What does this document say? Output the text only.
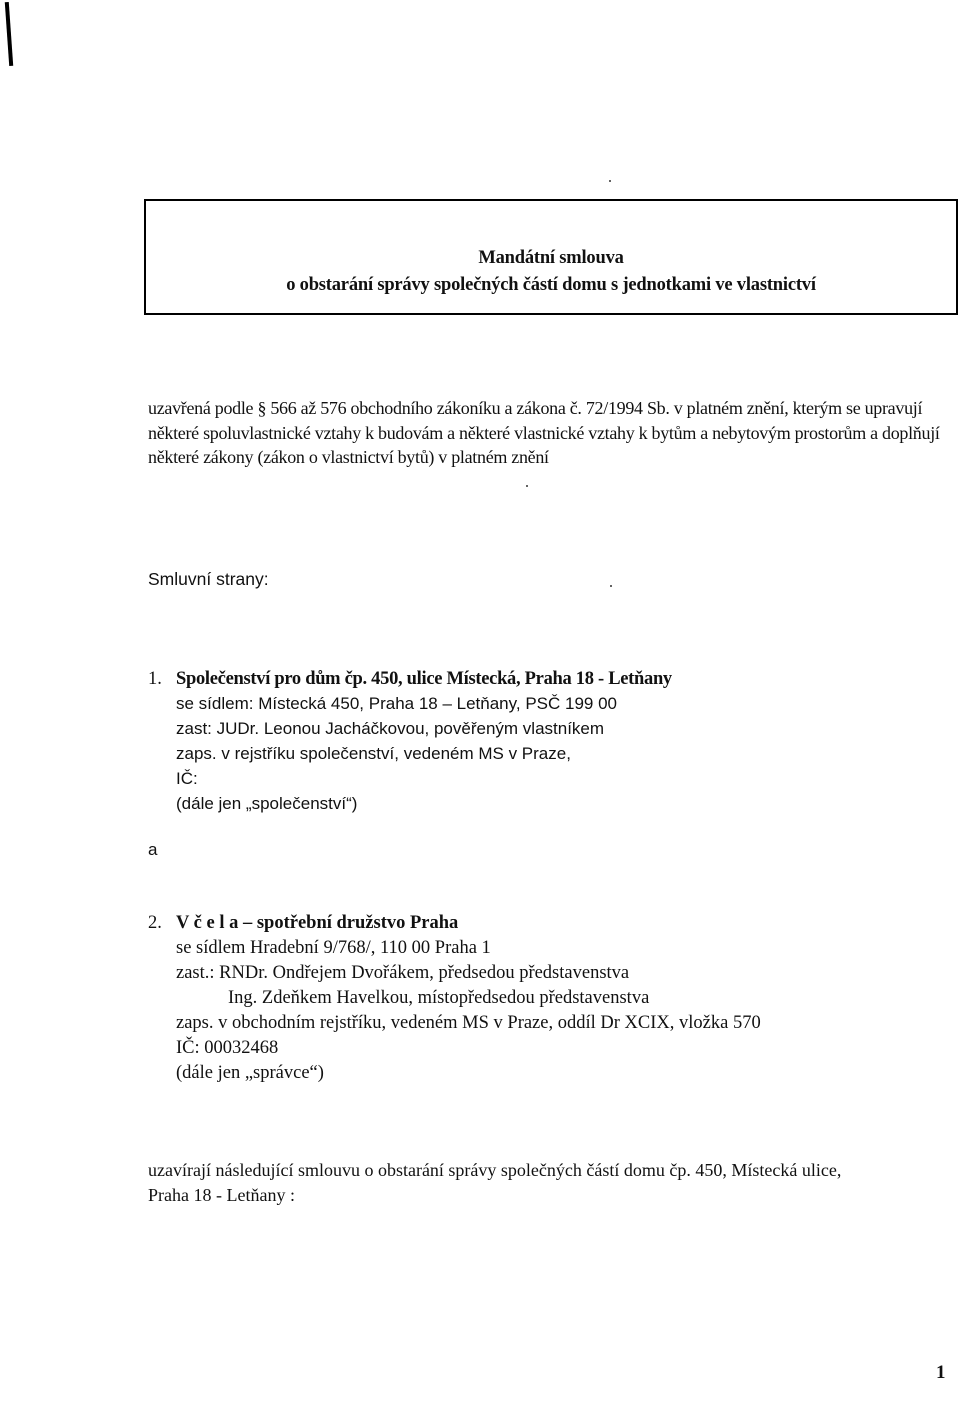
Mandátní smlouva
o obstarání správy společných částí domu s jednotkami ve vlastnictví
uzavřená podle § 566 až 576 obchodního zákoníku a zákona č. 72/1994 Sb. v platném znění, kterým se upravují některé spoluvlastnické vztahy k budovám a některé vlastnické vztahy k bytům a nebytovým prostorům a doplňují některé zákony (zákon o vlastnictví bytů) v platném znění
Smluvní strany:
1. Společenství pro dům čp. 450, ulice Místecká, Praha 18 - Letňany
se sídlem: Místecká 450, Praha 18 – Letňany, PSČ 199 00
zast: JUDr. Leonou Jacháčkovou, pověřeným vlastníkem
zaps. v rejstříku společenství, vedeném MS v Praze,
IČ:
(dále jen „společenství“)
a
2. V č e l a – spotřební družstvo Praha
se sídlem Hradební 9/768/, 110 00 Praha 1
zast.: RNDr. Ondřejem Dvořákem, předsedou představenstva
Ing. Zdeňkem Havelkou, místopředsedou představenstva
zaps. v obchodním rejstříku, vedeném MS v Praze, oddíl Dr XCIX, vložka 570
IČ: 00032468
(dále jen „správce“)
uzavírají následující smlouvu o obstarání správy společných částí domu čp. 450, Místecká ulice,
Praha 18 - Letňany :
1
